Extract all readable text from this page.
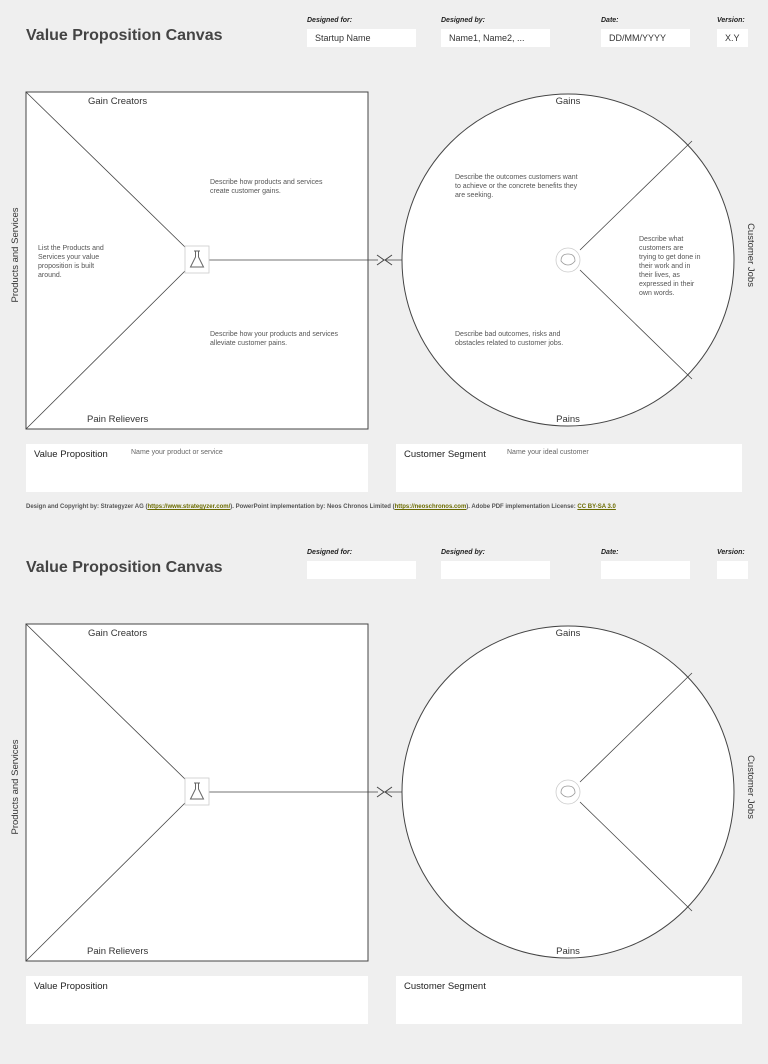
Value Proposition Canvas
Designed for:	Designed by:	Date:	Version:
Startup Name	Name1, Name2, ...	DD/MM/YYYY	X.Y
Gain Creators
Pain Relievers
Products and Services
Gains
Pains
Customer Jobs
Describe how products and services create customer gains.
List the Products and Services your value proposition is built around.
Describe how your products and services alleviate customer pains.
Describe the outcomes customers want to achieve or the concrete benefits they are seeking.
Describe what customers are trying to get done in their work and in their lives, as expressed in their own words.
Describe bad outcomes, risks and obstacles related to customer jobs.
Value Proposition	Name your product or service	Customer Segment	Name your ideal customer
Design and Copyright by: Strategyzer AG (https://www.strategyzer.com/). PowerPoint implementation by: Neos Chronos Limited (https://neoschronos.com). Adobe PDF implementation License: CC BY-SA 3.0
Value Proposition Canvas
Designed for:	Designed by:	Date:	Version:
Gain Creators
Pain Relievers
Products and Services
Gains
Pains
Customer Jobs
Value Proposition	Customer Segment
